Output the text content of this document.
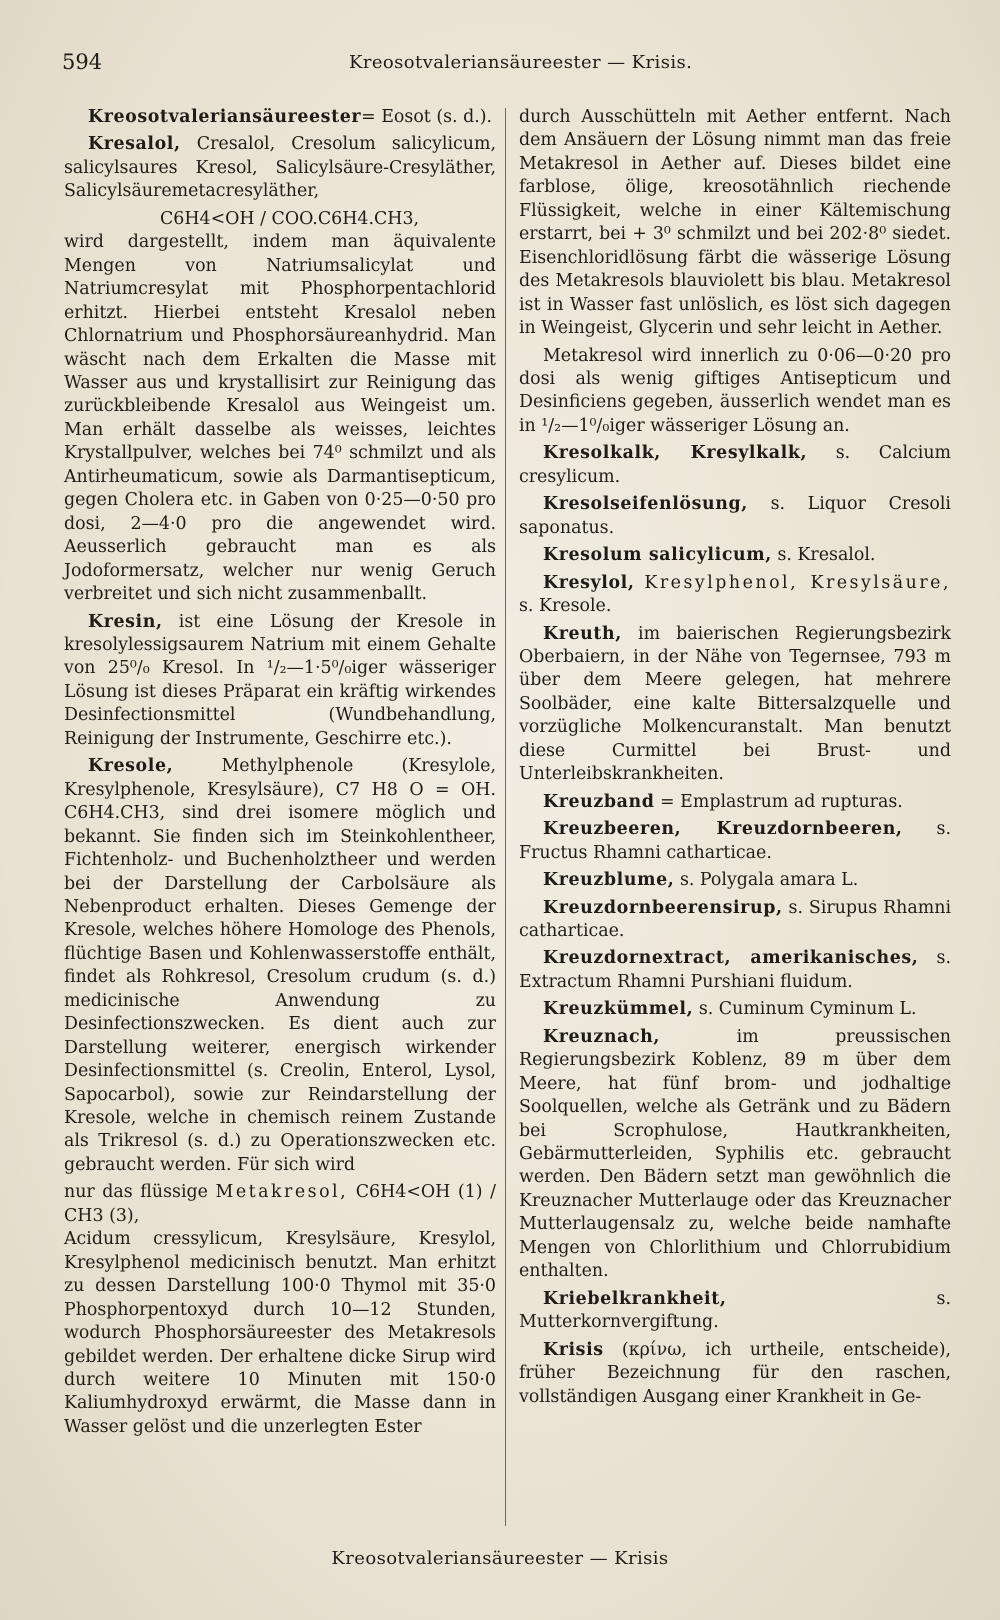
594	Kreosotvaleriansäureester — Krisis.

Kreosotvaleriansäureester= Eosot (s. d.).

Kresalol, Cresalol, Cresolum salicylicum, salicylsaures Kresol, Salicylsäure-Cresyläther, Salicylsäuremetacresyläther,

C6H4<OH / COO.C6H4.CH3,

wird dargestellt, indem man äquivalente Mengen von Natriumsalicylat und Natriumcresylat mit Phosphorpentachlorid erhitzt. Hierbei entsteht Kresalol neben Chlornatrium und Phosphorsäureanhydrid. Man wäscht nach dem Erkalten die Masse mit Wasser aus und krystallisirt zur Reinigung das zurückbleibende Kresalol aus Weingeist um. Man erhält dasselbe als weisses, leichtes Krystallpulver, welches bei 74⁰ schmilzt und als Antirheumaticum, sowie als Darmantisepticum, gegen Cholera etc. in Gaben von 0·25—0·50 pro dosi, 2—4·0 pro die angewendet wird. Aeusserlich gebraucht man es als Jodoformersatz, welcher nur wenig Geruch verbreitet und sich nicht zusammenballt.

Kresin, ist eine Lösung der Kresole in kresolylessigsaurem Natrium mit einem Gehalte von 25⁰/₀ Kresol. In ¹/₂—1·5⁰/₀iger wässeriger Lösung ist dieses Präparat ein kräftig wirkendes Desinfectionsmittel (Wundbehandlung, Reinigung der Instrumente, Geschirre etc.).

Kresole,	Methylphenole (Kresylole, Kresylphenole, Kresylsäure), C7 H8 O = OH. C6H4.CH3, sind drei isomere möglich und bekannt. Sie finden sich im Steinkohlentheer, Fichtenholz- und Buchenholztheer und werden bei der Darstellung der Carbolsäure als Nebenproduct erhalten. Dieses Gemenge der Kresole, welches höhere Homologe des Phenols, flüchtige Basen und Kohlenwasserstoffe enthält, findet als Rohkresol, Cresolum crudum (s. d.) medicinische Anwendung zu Desinfectionszwecken. Es dient auch zur Darstellung weiterer, energisch wirkender Desinfectionsmittel (s. Creolin, Enterol, Lysol, Sapocarbol), sowie zur Reindarstellung der Kresole, welche in chemisch reinem Zustande als Trikresol (s. d.) zu Operationszwecken etc. gebraucht werden. Für sich wird

nur das flüssige Metakresol, C6H4<OH (1) / CH3 (3),

Acidum cressylicum, Kresylsäure, Kresylol, Kresylphenol medicinisch benutzt. Man erhitzt zu dessen Darstellung 100·0 Thymol mit 35·0 Phosphorpentoxyd durch 10—12 Stunden, wodurch Phosphorsäureester des Metakresols gebildet werden. Der erhaltene dicke Sirup wird durch weitere 10 Minuten mit 150·0 Kaliumhydroxyd erwärmt, die Masse dann in Wasser gelöst und die unzerlegten Ester

durch Ausschütteln mit Aether entfernt. Nach dem Ansäuern der Lösung nimmt man das freie Metakresol in Aether auf. Dieses bildet eine farblose, ölige, kreosotähnlich riechende Flüssigkeit, welche in einer Kältemischung erstarrt, bei + 3⁰ schmilzt und bei 202·8⁰ siedet. Eisenchloridlösung färbt die wässerige Lösung des Metakresols blauviolett bis blau. Metakresol ist in Wasser fast unlöslich, es löst sich dagegen in Weingeist, Glycerin und sehr leicht in Aether.

Metakresol wird innerlich zu 0·06—0·20 pro dosi als wenig giftiges Antisepticum und Desinficiens gegeben, äusserlich wendet man es in ¹/₂—1⁰/₀iger wässeriger Lösung an.

Kresolkalk, Kresylkalk, s. Calcium cresylicum.

Kresolseifenlösung, s. Liquor Cresoli saponatus.

Kresolum salicylicum, s. Kresalol.

Kresylol, Kresylphenol, Kresylsäure, s. Kresole.

Kreuth, im baierischen Regierungsbezirk Oberbaiern, in der Nähe von Tegernsee, 793 m über dem Meere gelegen, hat mehrere Soolbäder, eine kalte Bittersalzquelle und vorzügliche Molkencuranstalt. Man benutzt diese Curmittel bei Brust- und Unterleibskrankheiten.

Kreuzband = Emplastrum ad rupturas.

Kreuzbeeren, Kreuzdornbeeren, s. Fructus Rhamni catharticae.

Kreuzblume, s. Polygala amara L.

Kreuzdornbeerensirup, s. Sirupus Rhamni catharticae.

Kreuzdornextract, amerikanisches, s. Extractum Rhamni Purshiani fluidum.

Kreuzkümmel, s. Cuminum Cyminum L.

Kreuznach,	im preussischen Regierungsbezirk Koblenz, 89 m über dem Meere, hat fünf brom- und jodhaltige Soolquellen, welche als Getränk und zu Bädern bei Scrophulose, Hautkrankheiten, Gebärmutterleiden, Syphilis etc. gebraucht werden. Den Bädern setzt man gewöhnlich die Kreuznacher Mutterlauge oder das Kreuznacher Mutterlaugensalz zu, welche beide namhafte Mengen von Chlorlithium und Chlorrubidium enthalten.

Kriebelkrankheit,	s. Mutterkornvergiftung.

Krisis (κρίνω, ich urtheile, entscheide), früher Bezeichnung für den raschen, vollständigen Ausgang einer Krankheit in Ge-

Kreosotvaleriansäureester — Krisis
